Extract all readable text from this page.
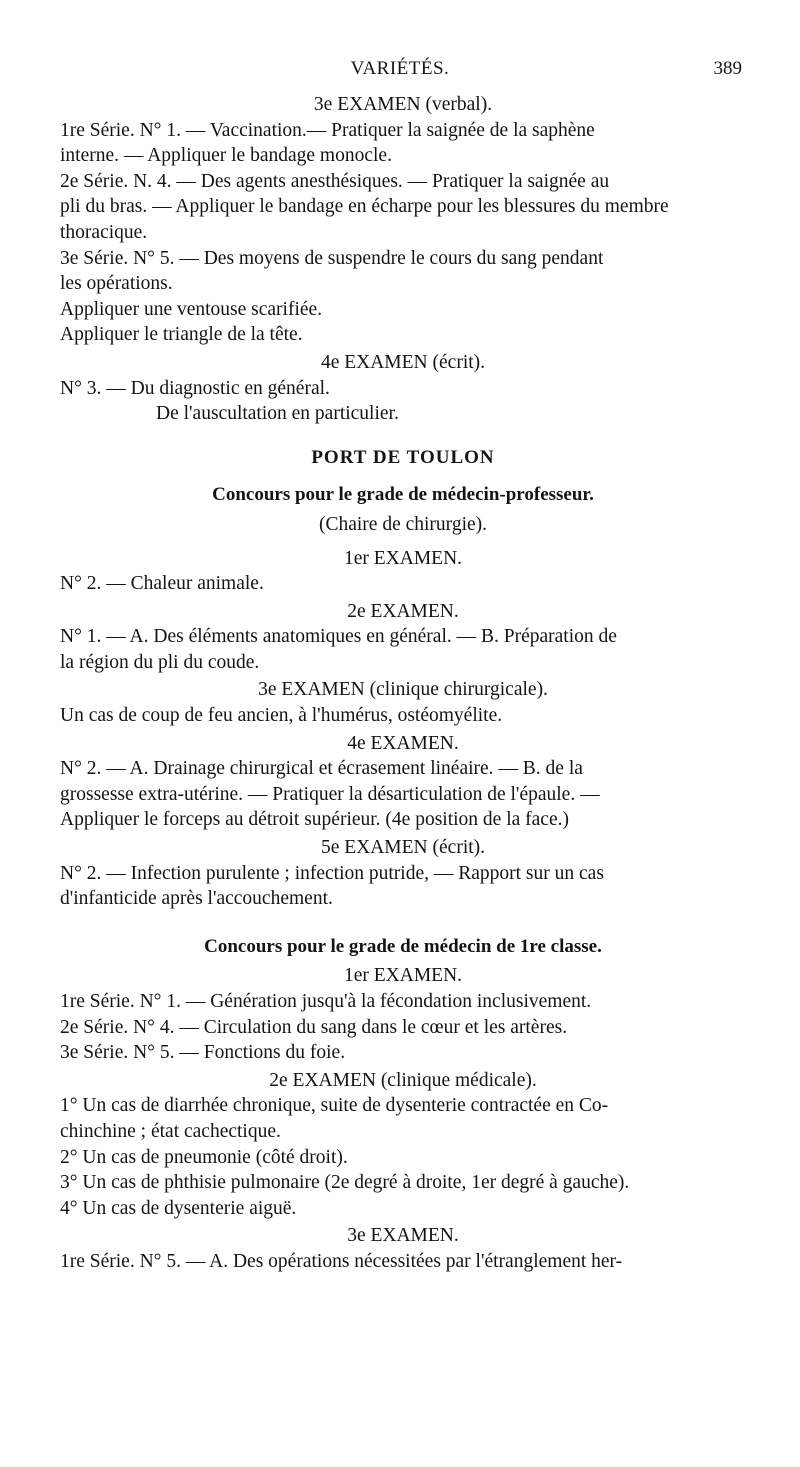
VARIÉTÉS.	389
3e EXAMEN (verbal).
1re Série. N° 1. — Vaccination.— Pratiquer la saignée de la saphène
interne. — Appliquer le bandage monocle.
2e Série. N. 4. — Des agents anesthésiques. — Pratiquer la saignée au
pli du bras. — Appliquer le bandage en écharpe pour les blessures du membre
thoracique.
3e Série. N° 5. — Des moyens de suspendre le cours du sang pendant
les opérations.
Appliquer une ventouse scarifiée.
Appliquer le triangle de la tête.
4e EXAMEN (écrit).
N° 3. — Du diagnostic en général.
De l'auscultation en particulier.
PORT DE TOULON
Concours pour le grade de médecin-professeur.
(Chaire de chirurgie).
1er EXAMEN.
N° 2. — Chaleur animale.
2e EXAMEN.
N° 1. — A. Des éléments anatomiques en général. — B. Préparation de
la région du pli du coude.
3e EXAMEN (clinique chirurgicale).
Un cas de coup de feu ancien, à l'humérus, ostéomyélite.
4e EXAMEN.
N° 2. — A. Drainage chirurgical et écrasement linéaire. — B. de la
grossesse extra-utérine. — Pratiquer la désarticulation de l'épaule. —
Appliquer le forceps au détroit supérieur. (4e position de la face.)
5e EXAMEN (écrit).
N° 2. — Infection purulente ; infection putride, — Rapport sur un cas
d'infanticide après l'accouchement.
Concours pour le grade de médecin de 1re classe.
1er EXAMEN.
1re Série. N° 1. — Génération jusqu'à la fécondation inclusivement.
2e Série. N° 4. — Circulation du sang dans le cœur et les artères.
3e Série. N° 5. — Fonctions du foie.
2e EXAMEN (clinique médicale).
1° Un cas de diarrhée chronique, suite de dysenterie contractée en Co-
chinchine ; état cachectique.
2° Un cas de pneumonie (côté droit).
3° Un cas de phthisie pulmonaire (2e degré à droite, 1er degré à gauche).
4° Un cas de dysenterie aiguë.
3e EXAMEN.
1re Série. N° 5. — A. Des opérations nécessitées par l'étranglement her-
